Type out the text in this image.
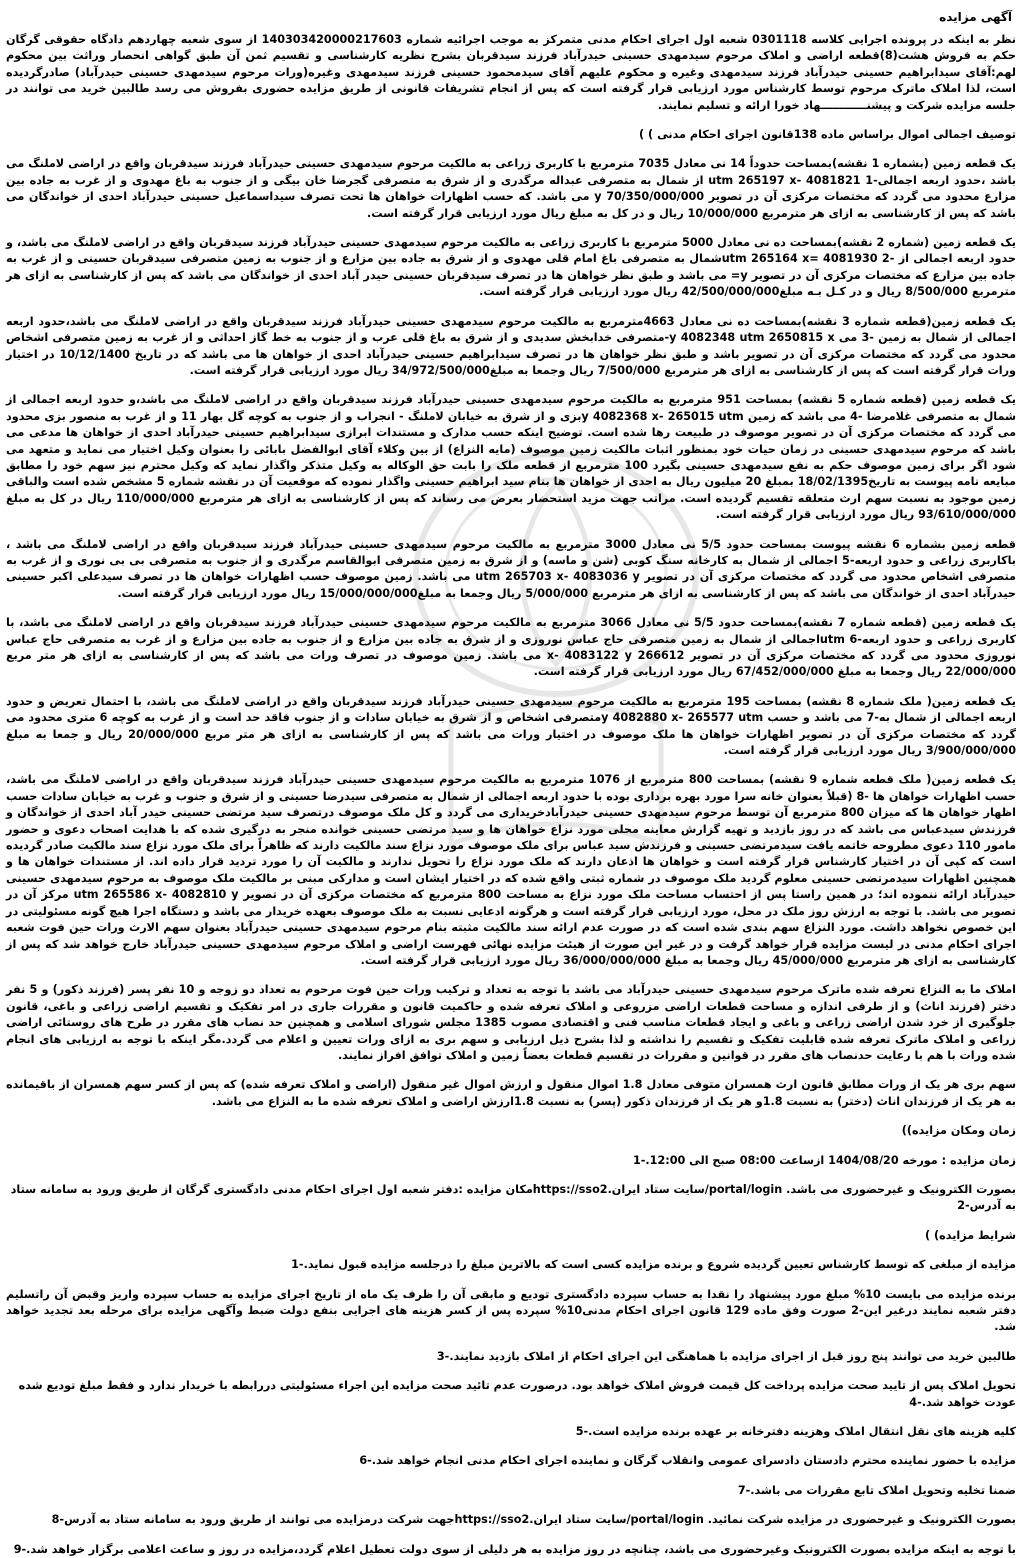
آگهی مزایده
نظر به اینکه در پرونده اجرایی کلاسه 0301118 شعبه اول اجرای احکام مدنی متمرکز به موجب اجرائیه شماره 140303420000217603 از سوی شعبه چهاردهم دادگاه حقوقی گرگان حکم به فروش هشت(8)قطعه اراضی و املاک مرحوم سیدمهدی حسینی حیدرآباد فرزند سیدقربان بشرح نظریه کارشناسی و تقسیم ثمن آن طبق گواهی انحصار وراثت بین محکوم لهم:آقای سیدابراهیم حسینی حیدرآباد فرزند سیدمهدی وغیره و محکوم علیهم آقای سیدمحمود حسینی فرزند سیدمهدی وغیره(ورات مرحوم سیدمهدی حسینی حیدرآباد) صادرگردیده است، لذا املاک ماترک مرحوم توسط کارشناس مورد ارزیابی قرار گرفته است که پس از انجام تشریفات قانونی از طریق مزایده حضوری بفروش می رسد طالبین خرید می توانند در جلسه مزایده شرکت و پیشنــــــــــــهاد خورا ارائه و تسلیم نمایند.
توصیف اجمالی اموال براساس ماده 138قانون اجرای احکام مدنی ) )
یک قطعه زمین (بشماره 1 نقشه)بمساحت حدوداً 14 نی معادل 7035 مترمربع با کاربری زراعی به مالکیت مرحوم سیدمهدی حسینی حیدرآباد فرزند سیدقربان واقع در اراضی لاملنگ می باشد ،حدود اربعه اجمالی-1 utm 265197 x- 4081821 از شمال به متصرفی عبداله مرگدری و از شرق به متصرفی گجرضا خان بیگی و از جنوب به باغ مهدوی و از غرب به جاده بین مزارع محدود می گردد که مختصات مرکزی آن در تصویر y 70/350/000/000 می باشد. که حسب اظهارات خواهان ها تحت تصرف سیداسماعیل حسینی حیدرآباد احدی از خواندگان می باشد که پس از کارشناسی به ازای هر مترمربع 10/000/000 ریال و در کل به مبلغ ریال مورد ارزیابی قرار گرفته است.
یک قطعه زمین (شماره 2 نقشه)بمساحت ده نی معادل 5000 مترمربع با کاربری زراعی به مالکیت مرحوم سیدمهدی حسینی حیدرآباد فرزند سیدقربان واقع در اراضی لاملنگ می باشد، و حدود اربعه اجمالی از -2 utm 265164 x= 4081930شمال به متصرفی باغ امام قلی مهدوی و از شرق به جاده بین مزارع و از جنوب به زمین متصرفی سیدقربان حسینی و از غرب به جاده بین مزارع که مختصات مرکزی آن در تصویر y= می باشد و طبق نظر خواهان ها در تصرف سیدقربان حسینی حیدر آباد احدی از خواندگان می باشد که پس از کارشناسی به ازای هر مترمربع 8/500/000 ریال و در کـل بـه مبلغ42/500/000/000 ریال مورد ارزیابی قرار گرفته است.
یک قطعه زمین(قطعه شماره 3 نقشه)بمساحت ده نی معادل 4663مترمربع به مالکیت مرحوم سیدمهدی حسینی حیدرآباد فرزند سیدقربان واقع در اراضی لاملنگ می باشد،حدود اربعه اجمالی از شمال به زمین -3 می y 4082348 utm 2650815 x-متصرفی خدابخش سدیدی و از شرق به باغ قلی عرب و از جنوب به خط گاز احداثی و از غرب به زمین متصرفی اشخاص محدود می گردد که مختصات مرکزی آن در تصویر باشد و طبق نظر خواهان ها در تصرف سیدابراهیم حسینی حیدرآباد احدی از خواهان ها می باشد که در تاریخ 10/12/1400 در اختیار ورات قرار گرفته است که پس از کارشناسی به ازای هر مترمربع 7/500/000 ریال وجمعا به مبلغ34/972/500/000 ریال مورد ارزیابی قرار گرفته است.
یک قطعه زمین (قطعه شماره 5 نقشه) بمساحت 951 مترمربع به مالکیت مرحوم سیدمهدی حسینی حیدرآباد فرزند سیدقربان واقع در اراضی لاملنگ می باشد،و حدود اربعه اجمالی از شمال به متصرفی غلامرضا -4 می باشد که زمین y 4082368 x- 265015 utmبزی و از شرق به خیابان لاملنگ - انجراب و از جنوب به کوچه گل بهار 11 و از غرب به منصور بزی محدود می گردد که مختصات مرکزی آن در تصویر موصوف در طبیعت رها شده است. توضیح اینکه حسب مدارک و مستندات ابرازی سیدابراهیم حسینی حیدرآباد احدی از خواهان ها مدعی می باشد که مرحوم سیدمهدی حسینی در زمان حیات خود بمنظور اثبات مالکیت زمین موصوف (مایه النزاع) از بین وکلاء آقای ابوالفضل بابائی را بعنوان وکیل اختیار می نماید و متعهد می شود اگر برای زمین موصوف حکم به نفع سیدمهدی حسینی بگیرد 100 مترمربع از قطعه ملک را بابت حق الوکاله به وکیل متذکر واگذار نماید که وکیل محترم نیز سهم خود را مطابق مبایعه نامه پیوست به تاریخ18/02/1395 بمبلغ 20 میلیون ریال به احدی از خواهان ها بنام سید ابراهیم حسینی واگذار نموده که موقعیت آن در نقشه شماره 5 مشخص شده است والباقی زمین موجود به نسبت سهم ارث متعلقه تقسیم گردیده است. مراتب جهت مزید استحضار بعرض می رساند که پس از کارشناسی به ازای هر مترمربع 110/000/000 ریال در کل به مبلغ 93/610/000/000 ریال مورد ارزیابی قرار گرفته است.
قطعه زمین بشماره 6 نقشه پیوست بمساحت حدود 5/5 نی معادل 3000 مترمربع به مالکیت مرحوم سیدمهدی حسینی حیدرآباد فرزند سیدقربان واقع در اراضی لاملنگ می باشد ، باکاربری زراعی و حدود اربعه-5 اجمالی از شمال به کارخانه سنگ کوبی (شن و ماسه) و از شرق به زمین متصرفی ابوالقاسم مرگدری و از جنوب به متصرفی بی بی نوری و از غرب به متصرفی اشخاص محدود می گردد که مختصات مرکزی آن در تصویر utm 265703 x- 4083036 y می باشد. زمین موصوف حسب اظهارات خواهان ها در تصرف سیدعلی اکبر حسینی حیدرآباد احدی از خواندگان می باشد که پس از کارشناسی به ازای هر مترمربع 5/000/000 ریال وجمعا به مبلغ15/000/000/000 ریال مورد ارزیابی قرار گرفته است.
یک قطعه زمین (قطعه شماره 7 نقشه)بمساحت حدود 5/5 نی معادل 3066 مترمربع به مالکیت مرحوم سیدمهدی حسینی حیدرآباد فرزند سیدقربان واقع در اراضی لاملنگ می باشد، با کاربری زراعی و حدود اربعه-6 utmاجمالی از شمال به زمین متصرفی حاج عباس نوروزی و از شرق به جاده بین مزارع و از جنوب به جاده بین مزارع و از غرب به متصرفی حاج عباس نوروزی محدود می گردد که مختصات مرکزی آن در تصویر 266612 x- 4083122 y می باشد. زمین موصوف در تصرف ورات می باشد که پس از کارشناسی به ازای هر متر مربع 22/000/000 ریال وجمعا به مبلغ 67/452/000/000 ریال مورد ارزیابی قرار گرفته است.
یک قطعه زمین( ملک شماره 8 نقشه) بمساحت 195 مترمربع به مالکیت مرحوم سیدمهدی حسینی حیدرآباد فرزند سیدقربان واقع در اراضی لاملنگ می باشد، با احتمال تعریض و حدود اربعه اجمالی از شمال به-7 می باشد و حسب y 4082880 x- 265577 utmمتصرفی اشخاص و از شرق به خیابان سادات و از جنوب فاقد حد است و از غرب به کوچه 6 متری محدود می گردد که مختصات مرکزی آن در تصویر اظهارات خواهان ها ملک موصوف در اختیار ورات می باشد که پس از کارشناسی به ازای هر متر مربع 20/000/000 ریال و جمعا به مبلغ 3/900/000/000 ریال مورد ارزیابی قرار گرفته است.
یک قطعه زمین( ملک قطعه شماره 9 نقشه) بمساحت 800 مترمربع از 1076 مترمربع به مالکیت مرحوم سیدمهدی حسینی حیدرآباد فرزند سیدقربان واقع در اراضی لاملنگ می باشد، حسب اظهارات خواهان ها -8 (قبلاً بعنوان خانه سرا مورد بهره برداری بوده با حدود اربعه اجمالی از شمال به متصرفی سیدرضا حسینی و از شرق و جنوب و غرب به خیابان سادات حسب اظهار خواهان ها که میزان 800 مترمربع آن توسط مرحوم سیدمهدی حسینی حیدرآبادخریداری می گردد و کل ملک موصوف درتصرف سید مرتضی حسینی حیدر آباد احدی از خواندگان و فرزندش سیدعباس می باشد که در روز بازدید و تهیه گزارش معاینه محلی مورد نزاع خواهان ها و سید مرتضی حسینی خوانده منجر به درگیری شده که با هدایت اصحاب دعوی و حضور مامور 110 دعوی مطروحه خاتمه یافت سیدمرتضی حسینی و فرزندش سید عباس برای ملک موصوف مورد نزاع سند مالکیت دارند که ظاهراً برای ملک مورد نزاع سند مالکیت صادر گردیده است که کپی آن در اختیار کارشناس قرار گرفته است و خواهان ها اذعان دارند که ملک مورد نزاع را تحویل ندارند و مالکیت آن را مورد تردید قرار داده اند. از مستندات خواهان ها و همچنین اظهارات سیدمرتضی حسینی معلوم گردید ملک موصوف در شماره ثبتی واقع شده که در اختیار ایشان است و مدارکی مبنی بر مالکیت ملک موصوف به مرحوم سیدمهدی حسینی حیدرآباد ارائه ننموده اند؛ در همین راستا پس از احتساب مساحت ملک مورد نزاع به مساحت 800 مترمربع که مختصات مرکزی آن در تصویر utm 265586 x- 4082810 y مرکز آن در تصویر می باشد. با توجه به ارزش روز ملک در محل، مورد ارزیابی قرار گرفته است و هرگونه ادعایی نسبت به ملک موصوف بعهده خریدار می باشد و دستگاه اجرا هیچ گونه مسئولیتی در این خصوص نخواهد داشت. مورد النزاع سهم بندی شده است که در صورت عدم ارائه سند مالکیت مثبته بنام مرحوم سیدمهدی حسینی حیدرآباد بعنوان سهم الارث ورات حین فوت شعبه اجرای احکام مدنی در لیست مزایده قرار خواهد گرفت و در غیر این صورت از هیئت مزایده نهائی فهرست اراضی و املاک مرحوم سیدمهدی حسینی حیدرآباد خارج خواهد شد که پس از کارشناسی به ازای هر مترمربع 45/000/000 ریال وجمعا به مبلغ 36/000/000/000 ریال مورد ارزیابی قرار گرفته است.
املاک ما به النزاع تعرفه شده ماترک مرحوم سیدمهدی حسینی حیدرآباد می باشد با توجه به تعداد و ترکیب ورات حین فوت مرحوم به تعداد دو زوجه و 10 نفر پسر (فرزند ذکور) و 5 نفر دختر (فرزند اناث) و از طرفی اندازه و مساحت قطعات اراضی مزروعی و املاک تعرفه شده و حاکمیت قانون و مقررات جاری در امر تفکیک و تقسیم اراضی زراعی و باغی، قانون جلوگیری از خرد شدن اراضی زراعی و باغی و ایجاد قطعات مناسب فنی و اقتصادی مصوب 1385 مجلس شورای اسلامی و همچنین حد نصاب های مقرر در طرح های روستائی اراضی زراعی و املاک ماترک تعرفه شده قابلیت تفکیک و تقسیم را نداشته و لذا بشرح ذیل ارزیابی و سهم بری به ازای ورات تعیین و اعلام می گردد.مگر اینکه با توجه به ارزیابی های انجام شده ورات با هم با رعایت حدنصاب های مقرر در قوانین و مقررات در تقسیم قطعات بعضاً زمین و املاک توافق افراز نمایند.
سهم بری هر یک از ورات مطابق قانون ارث همسران متوفی معادل 1.8 اموال منقول و ارزش اموال غیر منقول (اراضی و املاک تعرفه شده) که پس از کسر سهم همسران از باقیمانده به هر یک از فرزندان اناث (دختر) به نسبت 1.8و هر یک از فرزندان ذکور (پسر) به نسبت 1.8ارزش اراضی و املاک تعرفه شده ما به النزاع می باشد.
زمان ومکان مزایده))
زمان مزایده : مورخه 1404/08/20 ازساعت 08:00 صبح الی 12:00.-1
بصورت الکترونیک و غیرحضوری می باشد. portal/login/سایت ستاد ایران.https://sso2مکان مزایده :دفتر شعبه اول اجرای احکام مدنی دادگستری گرگان از طریق ورود به سامانه ستاد به آدرس-2
شرایط مزایده) )
مزایده از مبلغی که توسط کارشناس تعیین گردیده شروع و برنده مزایده کسی است که بالاترین مبلغ را درجلسه مزایده قبول نماید.-1
برنده مزایده می بایست 10% مبلغ مورد پیشنهاد را نقدا به حساب سپرده دادگستری تودیع و مابقی آن را ظرف یک ماه از تاریخ اجرای مزایده به حساب سپرده واریز وقبض آن راتسلیم دفتر شعبه نمایند درغیر این-2 صورت وفق ماده 129 قانون اجرای احکام مدنی10% سپرده پس از کسر هزینه های اجرایی بنفع دولت ضبط وآگهی مزایده برای مرحله بعد تجدید خواهد شد.
طالبین خرید می توانند پنج روز قبل از اجرای مزایده با هماهنگی این اجرای احکام از املاک بازدید نمایند.-3
تحویل املاک پس از تایید صحت مزایده پرداخت کل قیمت فروش املاک خواهد بود. درصورت عدم تائید صحت مزایده این اجراء مسئولیتی دررابطه با خریدار ندارد و فقط مبلغ تودیع شده عودت خواهد شد.-4
کلیه هزینه های نقل انتقال املاک وهزینه دفترخانه بر عهده برنده مزایده است.-5
مزایده با حضور نماینده محترم دادستان دادسرای عمومی وانقلاب گرگان و نماینده اجرای احکام مدنی انجام خواهد شد.-6
ضمنا تخلیه وتحویل املاک تابع مقررات می باشد.-7
بصورت الکترونیک و غیرحضوری در مزایده شرکت نمائید. portal/login/سایت ستاد ایران.https://sso2جهت شرکت درمزایده می توانند از طریق ورود به سامانه ستاد به آدرس-8
با توجه به اینکه مزایده بصورت الکترونیک وغیرحضوری می باشد، چنانچه در روز مزایده به هر دلیلی از سوی دولت تعطیل اعلام گردد،مزایده در روز و ساعت اعلامی برگزار خواهد شد.-9
